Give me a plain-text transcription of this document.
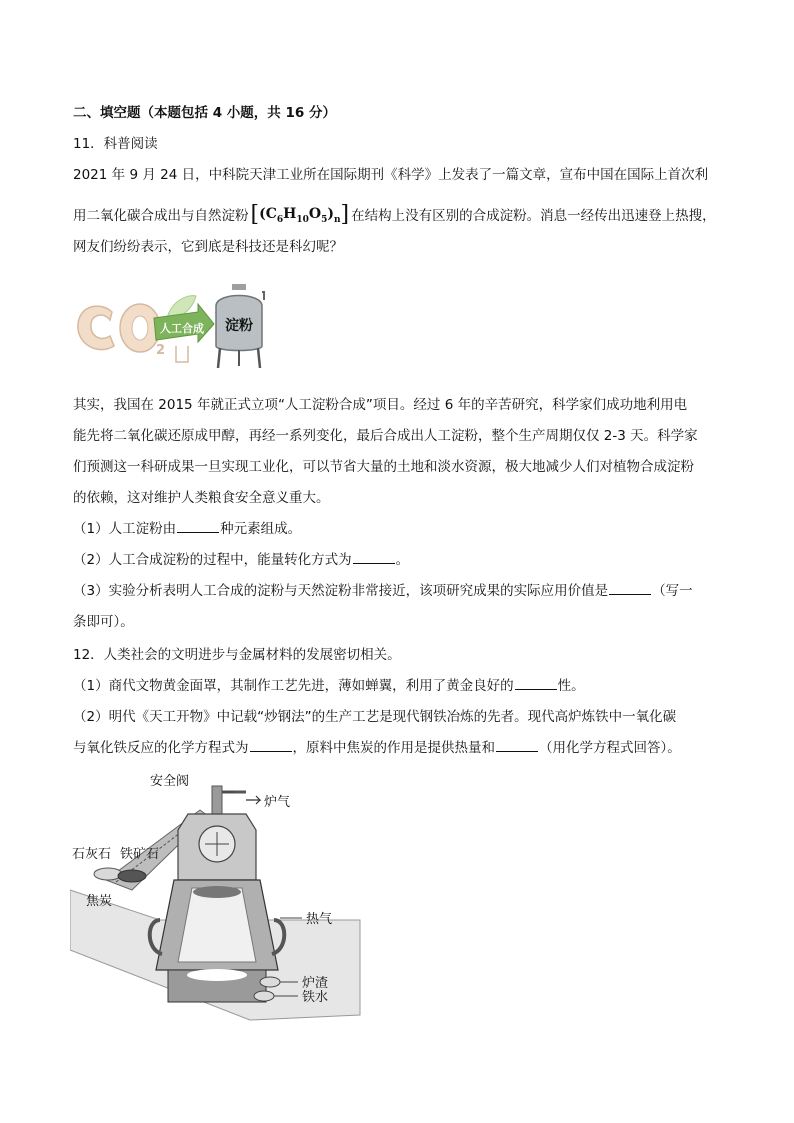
二、填空题（本题包括 4 小题，共 16 分）
11．科普阅读
2021 年 9 月 24 日，中科院天津工业所在国际期刊《科学》上发表了一篇文章，宣布中国在国际上首次利
用二氧化碳合成出与自然淀粉$[(C_6H_{10}O_5)_n]$ 在结构上没有区别的合成淀粉。消息一经传出迅速登上热搜，
网友们纷纷表示，它到底是科技还是科幻呢？
2
人工合成 淀粉
其实，我国在 2015 年就正式立项“人工淀粉合成”项目。经过 6 年的辛苦研究，科学家们成功地利用电
能先将二氧化碳还原成甲醇，再经一系列变化，最后合成出人工淀粉，整个生产周期仅仅 2-3 天。科学家
们预测这一科研成果一旦实现工业化，可以节省大量的土地和淡水资源，极大地减少人们对植物合成淀粉
的依赖，这对维护人类粮食安全意义重大。
（1）人工淀粉由	种元素组成。
（2）人工合成淀粉的过程中，能量转化方式为	。
（3）实验分析表明人工合成的淀粉与天然淀粉非常接近，该项研究成果的实际应用价值是	（写一
条即可）。
12．人类社会的文明进步与金属材料的发展密切相关。
（1）商代文物黄金面罩，其制作工艺先进，薄如蝉翼，利用了黄金良好的	性。
（2）明代《天工开物》中记载“炒钢法”的生产工艺是现代钢铁冶炼的先者。现代高炉炼铁中一氧化碳
与氧化铁反应的化学方程式为	，原料中焦炭的作用是提供热量和	（用化学方程式回答）。
安全阀
炉气
石灰石 铁矿石
焦炭
热气
炉渣
铁水
